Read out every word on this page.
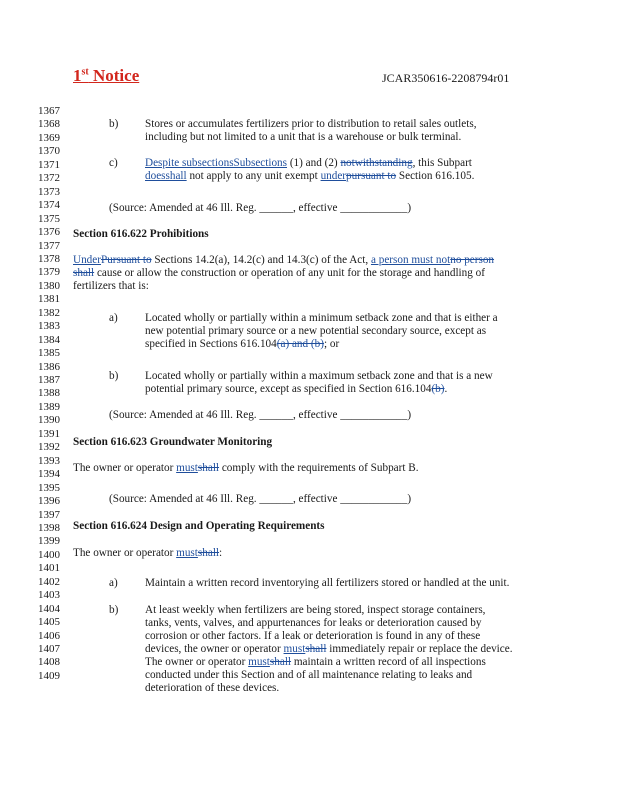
1st Notice	JCAR350616-2208794r01
1367
1368
1369
1370
1371
1372
1373
1374
1375
1376
1377
1378
1379
1380
1381
1382
1383
1384
1385
1386
1387
1388
1389
1390
1391
1392
1393
1394
1395
1396
1397
1398
1399
1400
1401
1402
1403
1404
1405
1406
1407
1408
1409
b) Stores or accumulates fertilizers prior to distribution to retail sales outlets,
including but not limited to a unit that is a warehouse or bulk terminal.
c) Despite subsectionsSubsections (1) and (2) notwithstanding, this Subpart
doesshall not apply to any unit exempt underpursuant to Section 616.105.
(Source: Amended at 46 Ill. Reg. ______, effective ____________)
Section 616.622 Prohibitions
UnderPursuant to Sections 14.2(a), 14.2(c) and 14.3(c) of the Act, a person must notno person
shall cause or allow the construction or operation of any unit for the storage and handling of
fertilizers that is:
a) Located wholly or partially within a minimum setback zone and that is either a
new potential primary source or a new potential secondary source, except as
specified in Sections 616.104(a) and (b); or
b) Located wholly or partially within a maximum setback zone and that is a new
potential primary source, except as specified in Section 616.104(b).
(Source: Amended at 46 Ill. Reg. ______, effective ____________)
Section 616.623 Groundwater Monitoring
The owner or operator mustshall comply with the requirements of Subpart B.
(Source: Amended at 46 Ill. Reg. ______, effective ____________)
Section 616.624 Design and Operating Requirements
The owner or operator mustshall:
a) Maintain a written record inventorying all fertilizers stored or handled at the unit.
b) At least weekly when fertilizers are being stored, inspect storage containers,
tanks, vents, valves, and appurtenances for leaks or deterioration caused by
corrosion or other factors. If a leak or deterioration is found in any of these
devices, the owner or operator mustshall immediately repair or replace the device.
The owner or operator mustshall maintain a written record of all inspections
conducted under this Section and of all maintenance relating to leaks and
deterioration of these devices.
